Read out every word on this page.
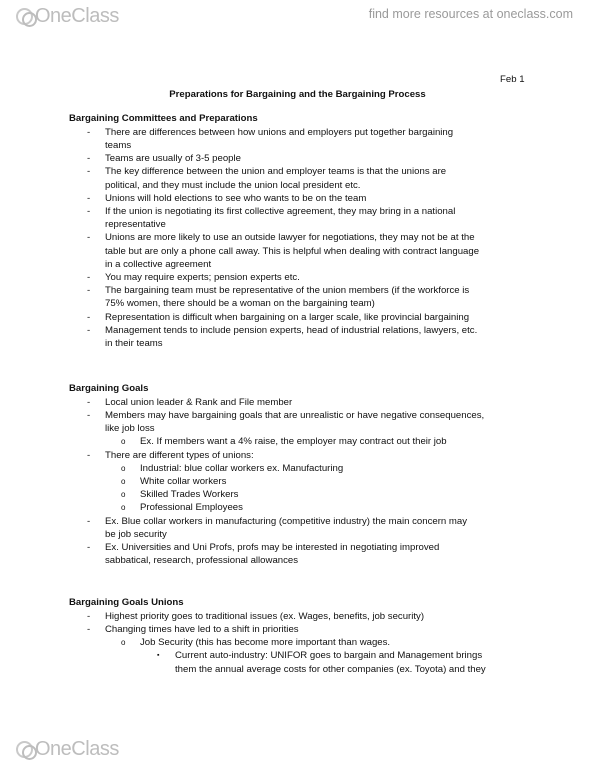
OneClass	find more resources at oneclass.com
Feb 1
Preparations for Bargaining and the Bargaining Process
Bargaining Committees and Preparations
- There are differences between how unions and employers put together bargaining
teams
- Teams are usually of 3-5 people
- The key difference between the union and employer teams is that the unions are
political, and they must include the union local president etc.
- Unions will hold elections to see who wants to be on the team
- If the union is negotiating its first collective agreement, they may bring in a national
representative
- Unions are more likely to use an outside lawyer for negotiations, they may not be at the
table but are only a phone call away. This is helpful when dealing with contract language
in a collective agreement
- You may require experts; pension experts etc.
- The bargaining team must be representative of the union members (if the workforce is
75% women, there should be a woman on the bargaining team)
- Representation is difficult when bargaining on a larger scale, like provincial bargaining
- Management tends to include pension experts, head of industrial relations, lawyers, etc.
in their teams
Bargaining Goals
- Local union leader & Rank and File member
- Members may have bargaining goals that are unrealistic or have negative consequences,
like job loss
o Ex. If members want a 4% raise, the employer may contract out their job
- There are different types of unions:
o Industrial: blue collar workers ex. Manufacturing
o White collar workers
o Skilled Trades Workers
o Professional Employees
- Ex. Blue collar workers in manufacturing (competitive industry) the main concern may
be job security
- Ex. Universities and Uni Profs, profs may be interested in negotiating improved
sabbatical, research, professional allowances
Bargaining Goals Unions
- Highest priority goes to traditional issues (ex. Wages, benefits, job security)
- Changing times have led to a shift in priorities
o Job Security (this has become more important than wages.
▪ Current auto-industry: UNIFOR goes to bargain and Management brings
them the annual average costs for other companies (ex. Toyota) and they
OneClass
